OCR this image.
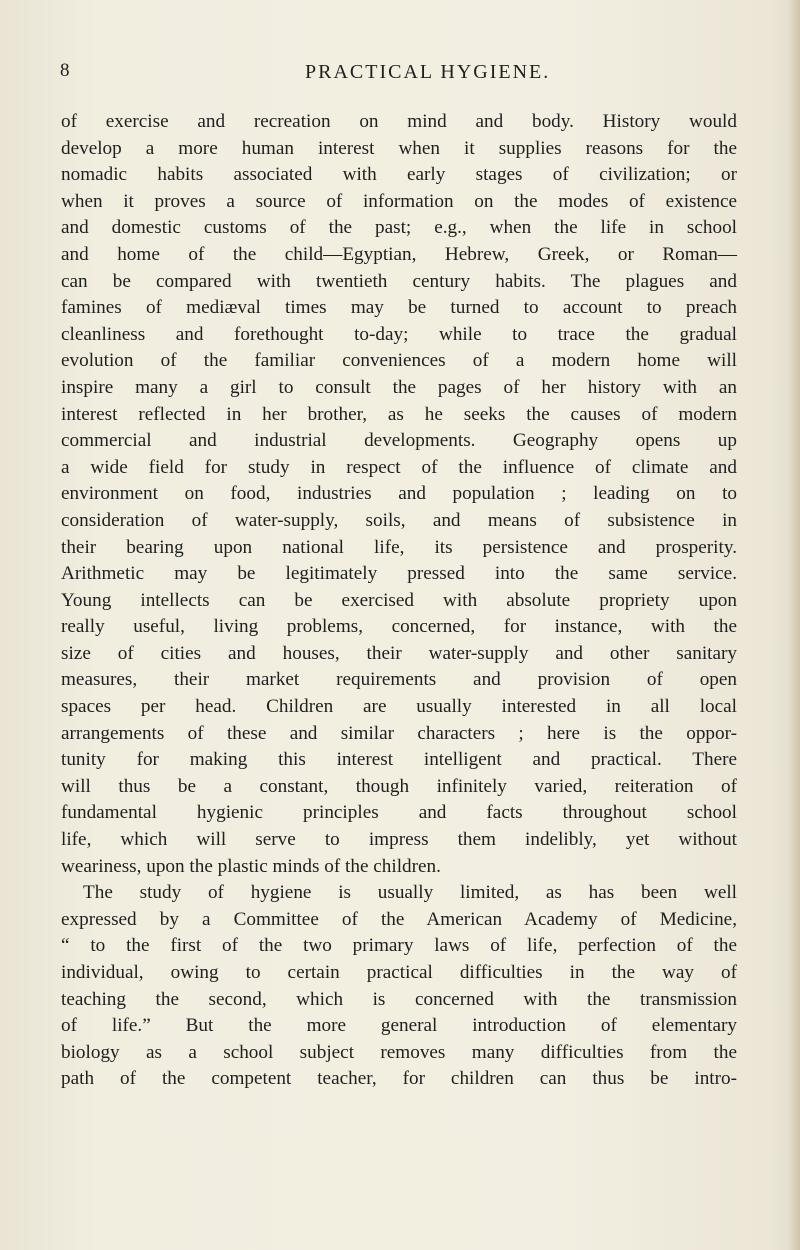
8	PRACTICAL HYGIENE.
of exercise and recreation on mind and body. History would
develop a more human interest when it supplies reasons for the
nomadic habits associated with early stages of civilization; or
when it proves a source of information on the modes of existence
and domestic customs of the past; e.g., when the life in school
and home of the child—Egyptian, Hebrew, Greek, or Roman—
can be compared with twentieth century habits. The plagues and
famines of mediæval times may be turned to account to preach
cleanliness and forethought to-day; while to trace the gradual
evolution of the familiar conveniences of a modern home will
inspire many a girl to consult the pages of her history with an
interest reflected in her brother, as he seeks the causes of modern
commercial and industrial developments. Geography opens up
a wide field for study in respect of the influence of climate and
environment on food, industries and population ; leading on to
consideration of water-supply, soils, and means of subsistence in
their bearing upon national life, its persistence and prosperity.
Arithmetic may be legitimately pressed into the same service.
Young intellects can be exercised with absolute propriety upon
really useful, living problems, concerned, for instance, with the
size of cities and houses, their water-supply and other sanitary
measures, their market requirements and provision of open
spaces per head. Children are usually interested in all local
arrangements of these and similar characters ; here is the oppor-
tunity for making this interest intelligent and practical. There
will thus be a constant, though infinitely varied, reiteration of
fundamental hygienic principles and facts throughout school
life, which will serve to impress them indelibly, yet without
weariness, upon the plastic minds of the children.
The study of hygiene is usually limited, as has been well
expressed by a Committee of the American Academy of Medicine,
“ to the first of the two primary laws of life, perfection of the
individual, owing to certain practical difficulties in the way of
teaching the second, which is concerned with the transmission
of life.” But the more general introduction of elementary
biology as a school subject removes many difficulties from the
path of the competent teacher, for children can thus be intro-
